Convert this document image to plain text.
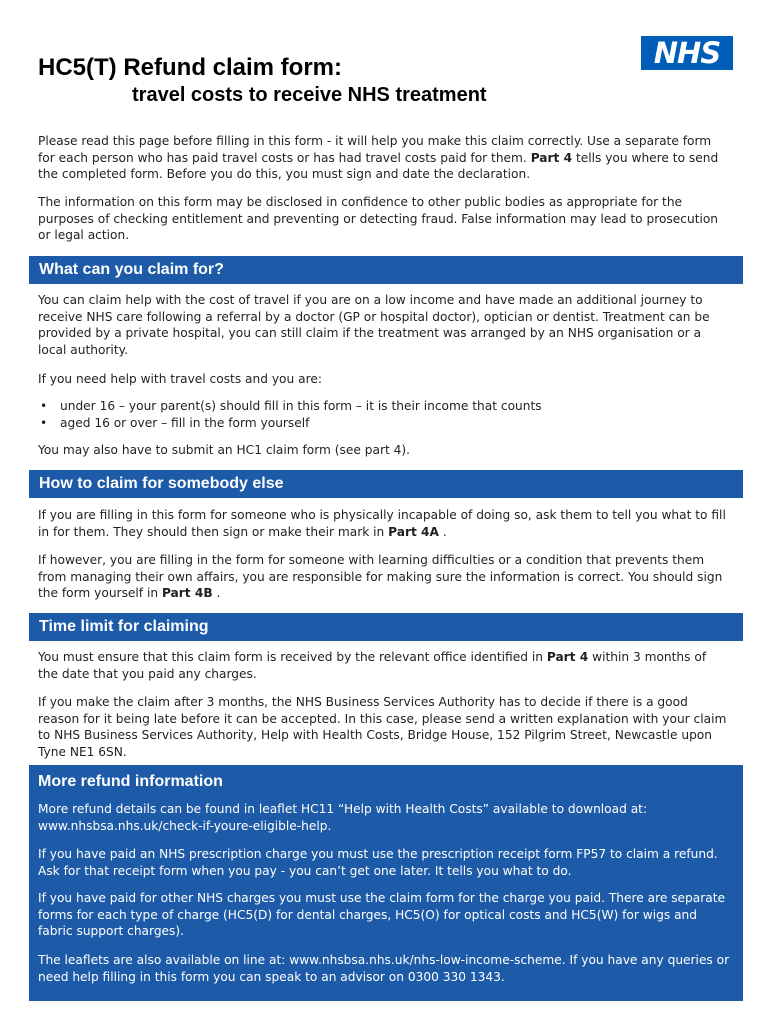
NHS
HC5(T) Refund claim form:
travel costs to receive NHS treatment
Please read this page before filling in this form - it will help you make this claim correctly. Use a separate form for each person who has paid travel costs or has had travel costs paid for them. Part 4 tells you where to send the completed form. Before you do this, you must sign and date the declaration.
The information on this form may be disclosed in confidence to other public bodies as appropriate for the purposes of checking entitlement and preventing or detecting fraud. False information may lead to prosecution or legal action.
What can you claim for?
You can claim help with the cost of travel if you are on a low income and have made an additional journey to receive NHS care following a referral by a doctor (GP or hospital doctor), optician or dentist. Treatment can be provided by a private hospital, you can still claim if the treatment was arranged by an NHS organisation or a local authority.
If you need help with travel costs and you are:
• under 16 – your parent(s) should fill in this form – it is their income that counts
• aged 16 or over – fill in the form yourself
You may also have to submit an HC1 claim form (see part 4).
How to claim for somebody else
If you are filling in this form for someone who is physically incapable of doing so, ask them to tell you what to fill in for them. They should then sign or make their mark in Part 4A .
If however, you are filling in the form for someone with learning difficulties or a condition that prevents them from managing their own affairs, you are responsible for making sure the information is correct. You should sign the form yourself in Part 4B .
Time limit for claiming
You must ensure that this claim form is received by the relevant office identified in Part 4 within 3 months of the date that you paid any charges.
If you make the claim after 3 months, the NHS Business Services Authority has to decide if there is a good reason for it being late before it can be accepted. In this case, please send a written explanation with your claim to NHS Business Services Authority, Help with Health Costs, Bridge House, 152 Pilgrim Street, Newcastle upon Tyne NE1 6SN.
More refund information
More refund details can be found in leaflet HC11 “Help with Health Costs” available to download at: www.nhsbsa.nhs.uk/check-if-youre-eligible-help.
If you have paid an NHS prescription charge you must use the prescription receipt form FP57 to claim a refund. Ask for that receipt form when you pay - you can’t get one later. It tells you what to do.
If you have paid for other NHS charges you must use the claim form for the charge you paid. There are separate forms for each type of charge (HC5(D) for dental charges, HC5(O) for optical costs and HC5(W) for wigs and fabric support charges).
The leaflets are also available on line at: www.nhsbsa.nhs.uk/nhs-low-income-scheme. If you have any queries or need help filling in this form you can speak to an advisor on 0300 330 1343.
